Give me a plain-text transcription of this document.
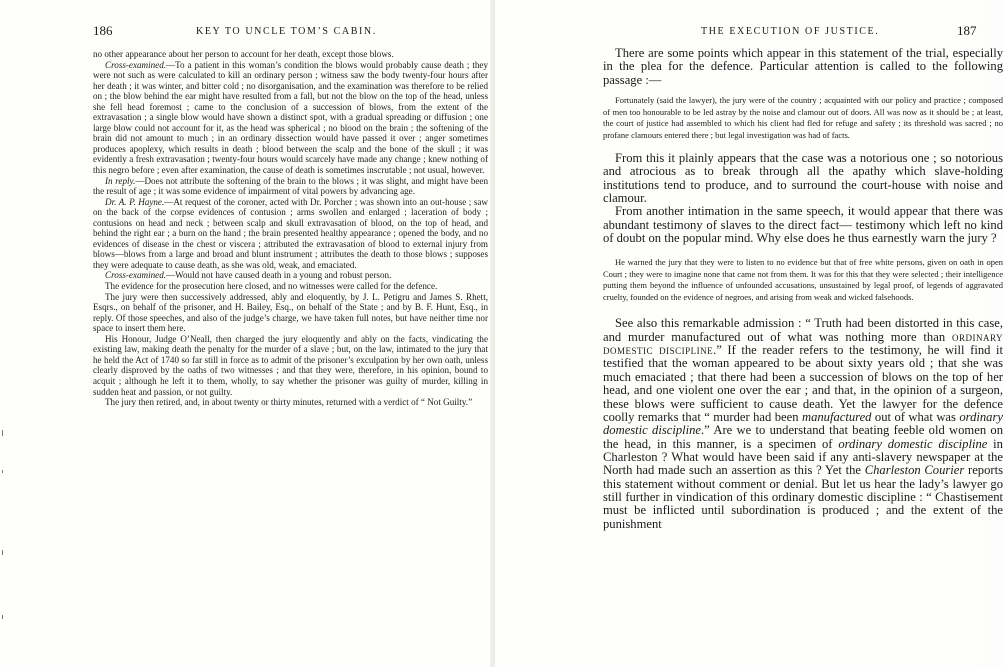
186	KEY TO UNCLE TOM’S CABIN.

no other appearance about her person to account for her death, except those blows.

Cross-examined.—To a patient in this woman’s condition the blows would probably cause death ; they were not such as were calculated to kill an ordinary person ; witness saw the body twenty-four hours after her death ; it was winter, and bitter cold ; no disorganisation, and the examination was therefore to be relied on ; the blow behind the ear might have resulted from a fall, but not the blow on the top of the head, unless she fell head foremost ; came to the conclusion of a succession of blows, from the extent of the extravasation ; a single blow would have shown a distinct spot, with a gradual spreading or diffusion ; one large blow could not account for it, as the head was spherical ; no blood on the brain ; the softening of the brain did not amount to much ; in an ordinary dissection would have passed it over ; anger sometimes produces apoplexy, which results in death ; blood between the scalp and the bone of the skull ; it was evidently a fresh extravasation ; twenty-four hours would scarcely have made any change ; knew nothing of this negro before ; even after examination, the cause of death is sometimes inscrutable ; not usual, however.

In reply.—Does not attribute the softening of the brain to the blows ; it was slight, and might have been the result of age ; it was some evidence of impairment of vital powers by advancing age.

Dr. A. P. Hayne.—At request of the coroner, acted with Dr. Porcher ; was shown into an out-house ; saw on the back of the corpse evidences of contusion ; arms swollen and enlarged ; laceration of body ; contusions on head and neck ; between scalp and skull extravasation of blood, on the top of head, and behind the right ear ; a burn on the hand ; the brain presented healthy appearance ; opened the body, and no evidences of disease in the chest or viscera ; attributed the extravasation of blood to external injury from blows—blows from a large and broad and blunt instrument ; attributes the death to those blows ; supposes they were adequate to cause death, as she was old, weak, and emaciated.

Cross-examined.—Would not have caused death in a young and robust person.

The evidence for the prosecution here closed, and no witnesses were called for the defence.

The jury were then successively addressed, ably and eloquently, by J. L. Petigru and James S. Rhett, Esqrs., on behalf of the prisoner, and H. Bailey, Esq., on behalf of the State ; and by B. F. Hunt, Esq., in reply. Of those speeches, and also of the judge’s charge, we have taken full notes, but have neither time nor space to insert them here.

His Honour, Judge O’Neall, then charged the jury eloquently and ably on the facts, vindicating the existing law, making death the penalty for the murder of a slave ; but, on the law, intimated to the jury that he held the Act of 1740 so far still in force as to admit of the prisoner’s exculpation by her own oath, unless clearly disproved by the oaths of two witnesses ; and that they were, therefore, in his opinion, bound to acquit ; although he left it to them, wholly, to say whether the prisoner was guilty of murder, killing in sudden heat and passion, or not guilty.

The jury then retired, and, in about twenty or thirty minutes, returned with a verdict of “ Not Guilty.”

THE EXECUTION OF JUSTICE.	187

There are some points which appear in this statement of the trial, especially in the plea for the defence. Particular attention is called to the following passage :—

Fortunately (said the lawyer), the jury were of the country ; acquainted with our policy and practice ; composed of men too honourable to be led astray by the noise and clamour out of doors. All was now as it should be ; at least, the court of justice had assembled to which his client had fled for refuge and safety ; its threshold was sacred ; no profane clamours entered there ; but legal investigation was had of facts.

From this it plainly appears that the case was a notorious one ; so notorious and atrocious as to break through all the apathy which slave-holding institutions tend to produce, and to surround the court-house with noise and clamour.

From another intimation in the same speech, it would appear that there was abundant testimony of slaves to the direct fact— testimony which left no kind of doubt on the popular mind. Why else does he thus earnestly warn the jury ?

He warned the jury that they were to listen to no evidence but that of free white persons, given on oath in open Court ; they were to imagine none that came not from them. It was for this that they were selected ; their intelligence putting them beyond the influence of unfounded accusations, unsustained by legal proof, of legends of aggravated cruelty, founded on the evidence of negroes, and arising from weak and wicked falsehoods.

See also this remarkable admission : “ Truth had been distorted in this case, and murder manufactured out of what was nothing more than ordinary domestic discipline.” If the reader refers to the testimony, he will find it testified that the woman appeared to be about sixty years old ; that she was much emaciated ; that there had been a succession of blows on the top of her head, and one violent one over the ear ; and that, in the opinion of a surgeon, these blows were sufficient to cause death. Yet the lawyer for the defence coolly remarks that “ murder had been manufactured out of what was ordinary domestic discipline.” Are we to understand that beating feeble old women on the head, in this manner, is a specimen of ordinary domestic discipline in Charleston ? What would have been said if any anti-slavery newspaper at the North had made such an assertion as this ? Yet the Charleston Courier reports this statement without comment or denial. But let us hear the lady’s lawyer go still further in vindication of this ordinary domestic discipline : “ Chastisement must be inflicted until subordination is produced ; and the extent of the punishment
